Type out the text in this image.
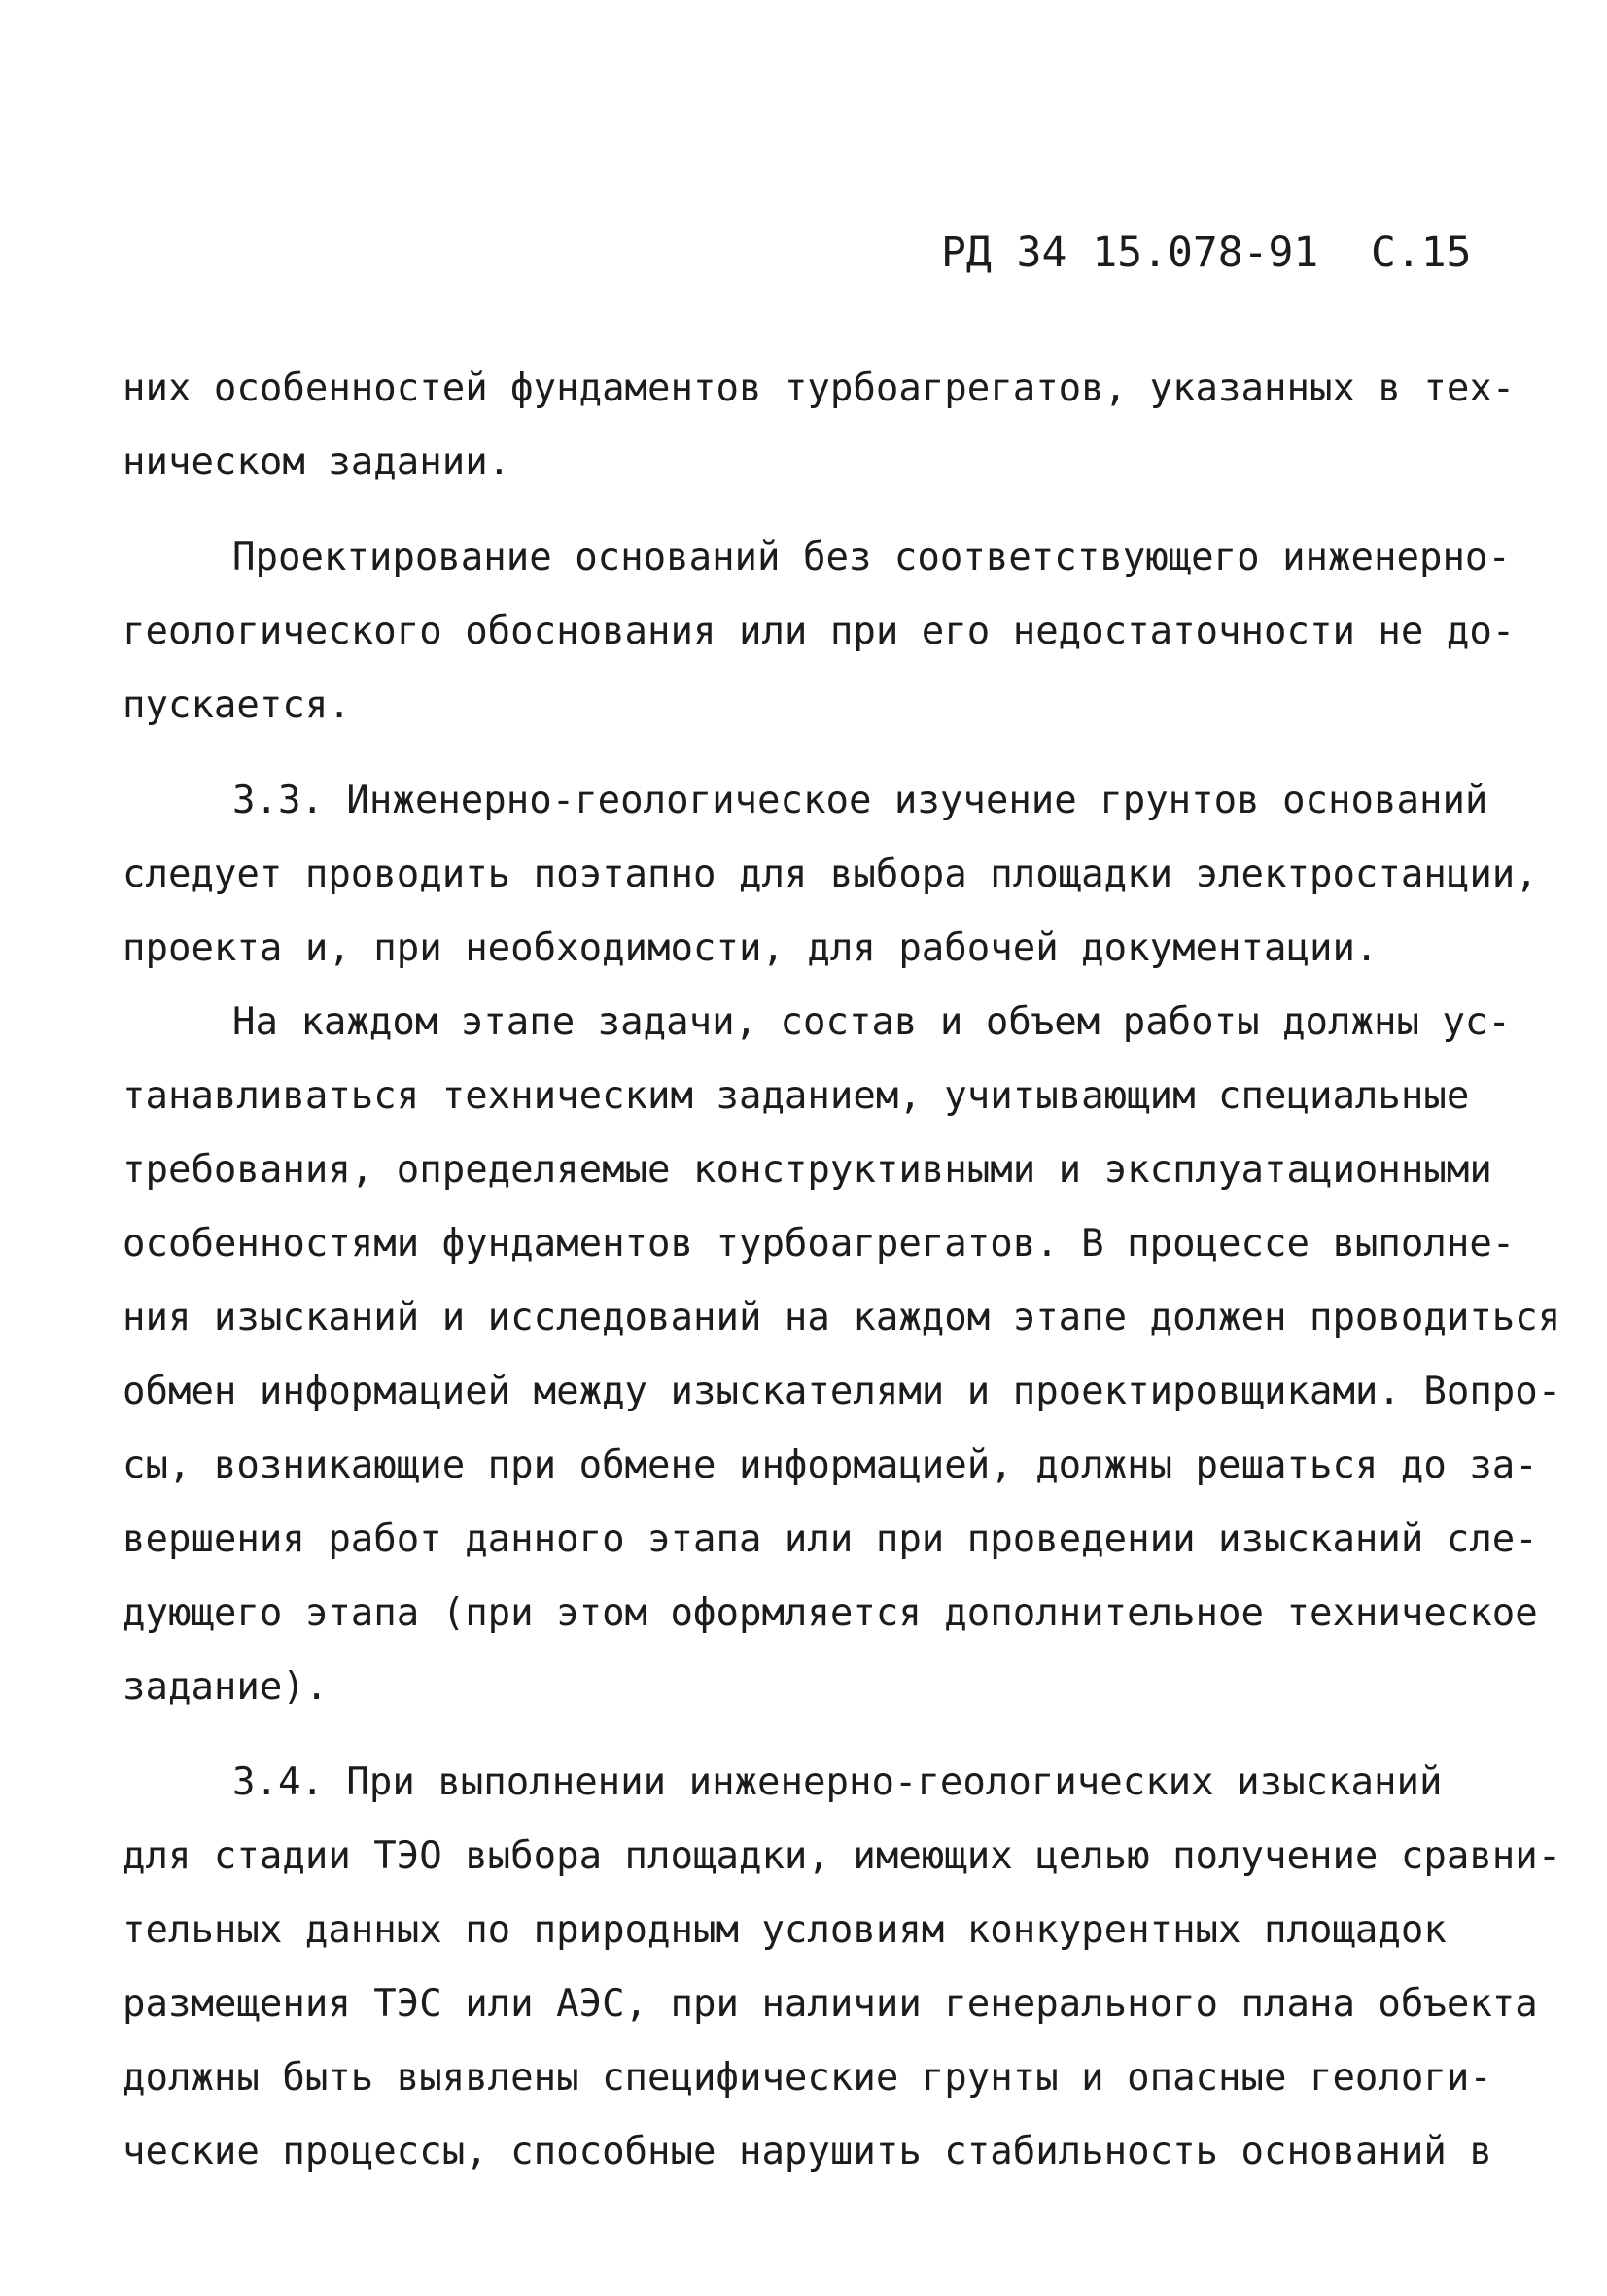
РД 34 15.078-91 С.15
них особенностей фундаментов турбоагрегатов, указанных в тех-
ническом задании.
Проектирование оснований без соответствующего инженерно-
геологического обоснования или при его недостаточности не до-
пускается.
3.3. Инженерно-геологическое изучение грунтов оснований
следует проводить поэтапно для выбора площадки электростанции,
проекта и, при необходимости, для рабочей документации.
На каждом этапе задачи, состав и объем работы должны ус-
танавливаться техническим заданием, учитывающим специальные
требования, определяемые конструктивными и эксплуатационными
особенностями фундаментов турбоагрегатов. В процессе выполне-
ния изысканий и исследований на каждом этапе должен проводиться
обмен информацией между изыскателями и проектировщиками. Вопро-
сы, возникающие при обмене информацией, должны решаться до за-
вершения работ данного этапа или при проведении изысканий сле-
дующего этапа (при этом оформляется дополнительное техническое
задание).
3.4. При выполнении инженерно-геологических изысканий
для стадии ТЭО выбора площадки, имеющих целью получение сравни-
тельных данных по природным условиям конкурентных площадок
размещения ТЭС или АЭС, при наличии генерального плана объекта
должны быть выявлены специфические грунты и опасные геологи-
ческие процессы, способные нарушить стабильность оснований в
